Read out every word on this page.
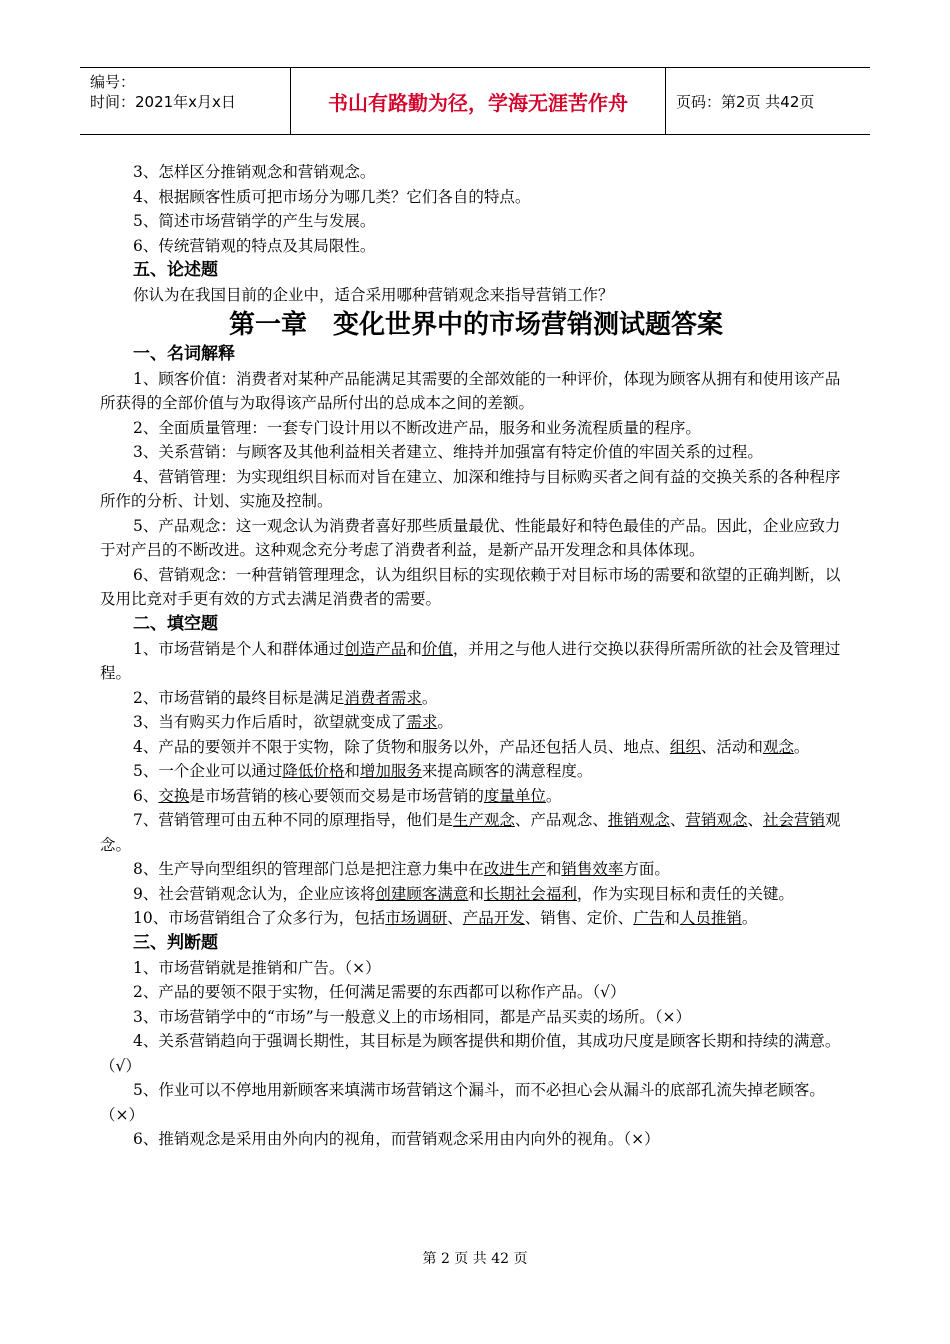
编号：
时间：2021年x月x日	书山有路勤为径，学海无涯苦作舟	页码：第2页 共42页

3、怎样区分推销观念和营销观念。

4、根据顾客性质可把市场分为哪几类？它们各自的特点。

5、简述市场营销学的产生与发展。

6、传统营销观的特点及其局限性。

五、论述题

你认为在我国目前的企业中，适合采用哪种营销观念来指导营销工作？

第一章　变化世界中的市场营销测试题答案

一、名词解释

1、顾客价值：消费者对某种产品能满足其需要的全部效能的一种评价，体现为顾客从拥有和使用该产品所获得的全部价值与为取得该产品所付出的总成本之间的差额。

2、全面质量管理：一套专门设计用以不断改进产品，服务和业务流程质量的程序。

3、关系营销：与顾客及其他利益相关者建立、维持并加强富有特定价值的牢固关系的过程。

4、营销管理：为实现组织目标而对旨在建立、加深和维持与目标购买者之间有益的交换关系的各种程序所作的分析、计划、实施及控制。

5、产品观念：这一观念认为消费者喜好那些质量最优、性能最好和特色最佳的产品。因此，企业应致力于对产吕的不断改进。这种观念充分考虑了消费者利益，是新产品开发理念和具体体现。

6、营销观念：一种营销管理理念，认为组织目标的实现依赖于对目标市场的需要和欲望的正确判断，以及用比竞对手更有效的方式去满足消费者的需要。

二、填空题

1、市场营销是个人和群体通过创造产品和价值，并用之与他人进行交换以获得所需所欲的社会及管理过程。

2、市场营销的最终目标是满足消费者需求。

3、当有购买力作后盾时，欲望就变成了需求。

4、产品的要领并不限于实物，除了货物和服务以外，产品还包括人员、地点、组织、活动和观念。

5、一个企业可以通过降低价格和增加服务来提高顾客的满意程度。

6、交换是市场营销的核心要领而交易是市场营销的度量单位。

7、营销管理可由五种不同的原理指导，他们是生产观念、产品观念、推销观念、营销观念、社会营销观念。

8、生产导向型组织的管理部门总是把注意力集中在改进生产和销售效率方面。

9、社会营销观念认为，企业应该将创建顾客满意和长期社会福利，作为实现目标和责任的关键。

10、市场营销组合了众多行为，包括市场调研、产品开发、销售、定价、广告和人员推销。

三、判断题

1、市场营销就是推销和广告。（×）

2、产品的要领不限于实物，任何满足需要的东西都可以称作产品。（√）

3、市场营销学中的“市场”与一般意义上的市场相同，都是产品买卖的场所。（×）

4、关系营销趋向于强调长期性，其目标是为顾客提供和期价值，其成功尺度是顾客长期和持续的满意。（√）

5、作业可以不停地用新顾客来填满市场营销这个漏斗，而不必担心会从漏斗的底部孔流失掉老顾客。（×）

6、推销观念是采用由外向内的视角，而营销观念采用由内向外的视角。（×）

第 2 页 共 42 页
